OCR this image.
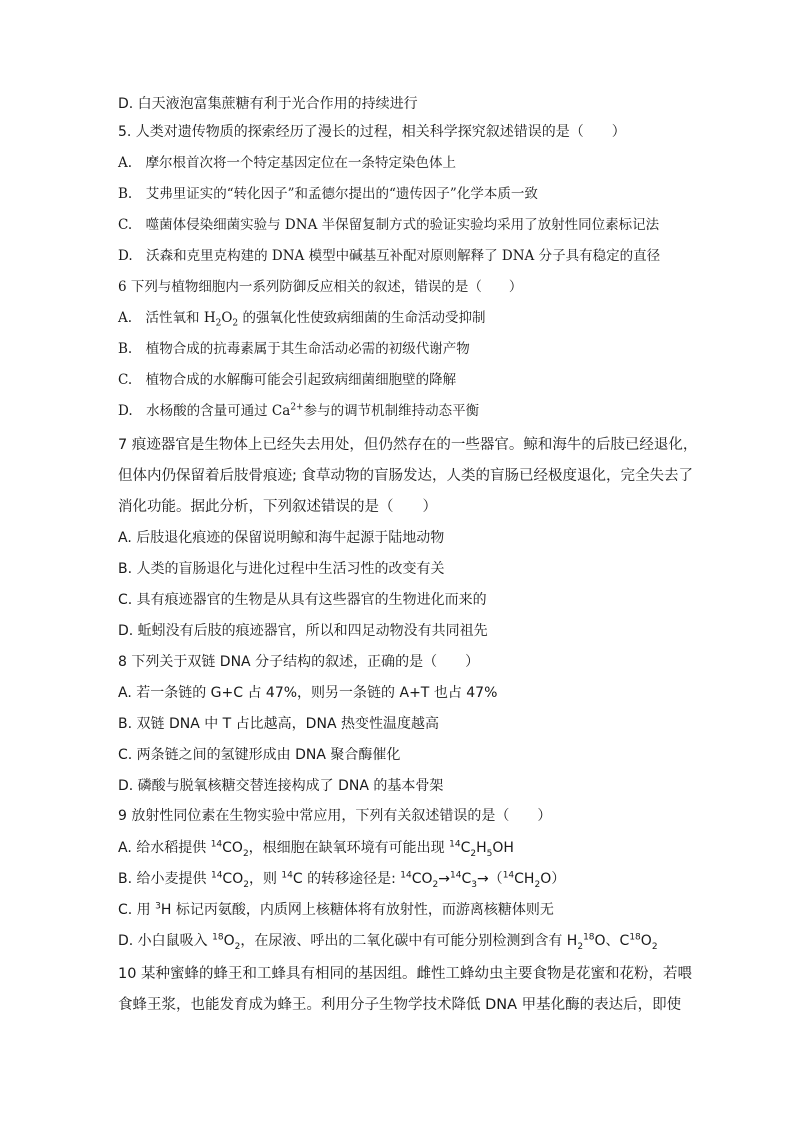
D. 白天液泡富集蔗糖有利于光合作用的持续进行
5. 人类对遗传物质的探索经历了漫长的过程，相关科学探究叙述错误的是（　　）
A.　摩尔根首次将一个特定基因定位在一条特定染色体上
B.　艾弗里证实的“转化因子”和孟德尔提出的“遗传因子”化学本质一致
C.　噬菌体侵染细菌实验与 DNA 半保留复制方式的验证实验均采用了放射性同位素标记法
D.　沃森和克里克构建的 DNA 模型中碱基互补配对原则解释了 DNA 分子具有稳定的直径
6 下列与植物细胞内一系列防御反应相关的叙述，错误的是（　　）
A.　活性氧和 $H_2O_2$ 的强氧化性使致病细菌的生命活动受抑制
B.　植物合成的抗毒素属于其生命活动必需的初级代谢产物
C.　植物合成的水解酶可能会引起致病细菌细胞壁的降解
D.　水杨酸的含量可通过 $Ca^{2+}$参与的调节机制维持动态平衡
7 痕迹器官是生物体上已经失去用处，但仍然存在的一些器官。鲸和海牛的后肢已经退化，
但体内仍保留着后肢骨痕迹; 食草动物的盲肠发达，人类的盲肠已经极度退化，完全失去了
消化功能。据此分析，下列叙述错误的是（　　）
A. 后肢退化痕迹的保留说明鲸和海牛起源于陆地动物
B. 人类的盲肠退化与进化过程中生活习性的改变有关
C. 具有痕迹器官的生物是从具有这些器官的生物进化而来的
D. 蚯蚓没有后肢的痕迹器官，所以和四足动物没有共同祖先
8 下列关于双链 DNA 分子结构的叙述，正确的是（　　）
A. 若一条链的 G+C 占 47%，则另一条链的 A+T 也占 47%
B. 双链 DNA 中 T 占比越高，DNA 热变性温度越高
C. 两条链之间的氢键形成由 DNA 聚合酶催化
D. 磷酸与脱氧核糖交替连接构成了 DNA 的基本骨架
9 放射性同位素在生物实验中常应用，下列有关叙述错误的是（　　）
A. 给水稻提供 $^{14}CO_2$，根细胞在缺氧环境有可能出现 $^{14}C_2H_5OH$
B. 给小麦提供 $^{14}CO_2$，则 $^{14}$C 的转移途径是: $^{14}CO_2\to^{14}C_3\to(^{14}CH_2O)$
C. 用 $^3$H 标记丙氨酸，内质网上核糖体将有放射性，而游离核糖体则无
D. 小白鼠吸入 $^{18}O_2$，在尿液、呼出的二氧化碳中有可能分别检测到含有 $H_2^{18}O$、$C^{18}O_2$
10 某种蜜蜂的蜂王和工蜂具有相同的基因组。雌性工蜂幼虫主要食物是花蜜和花粉，若喂
食蜂王浆，也能发育成为蜂王。利用分子生物学技术降低 DNA 甲基化酶的表达后，即使
